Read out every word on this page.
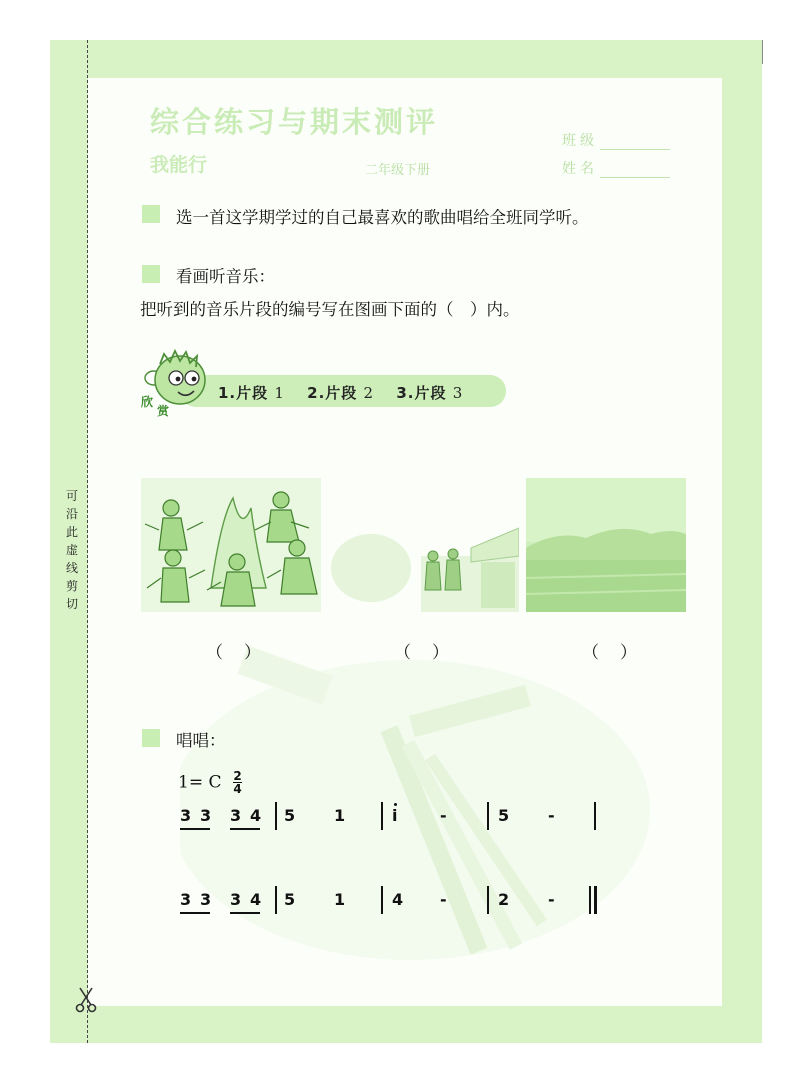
可
沿
此
虚
线
剪
切
综合练习与期末测评
我能行	二年级下册
班级
姓名
选一首这学期学过的自己最喜欢的歌曲唱给全班同学听。
看画听音乐：
把听到的音乐片段的编号写在图画下面的（　）内。
欣
赏
1.片段 1 2.片段 2 3.片段 3
（　）	（　）	（　）
唱唱：
1= C $\frac{2}{4}$
3 3 3 4 5 1	i	-	5 -
3 3 3 4 5 1	4 -	2 -
